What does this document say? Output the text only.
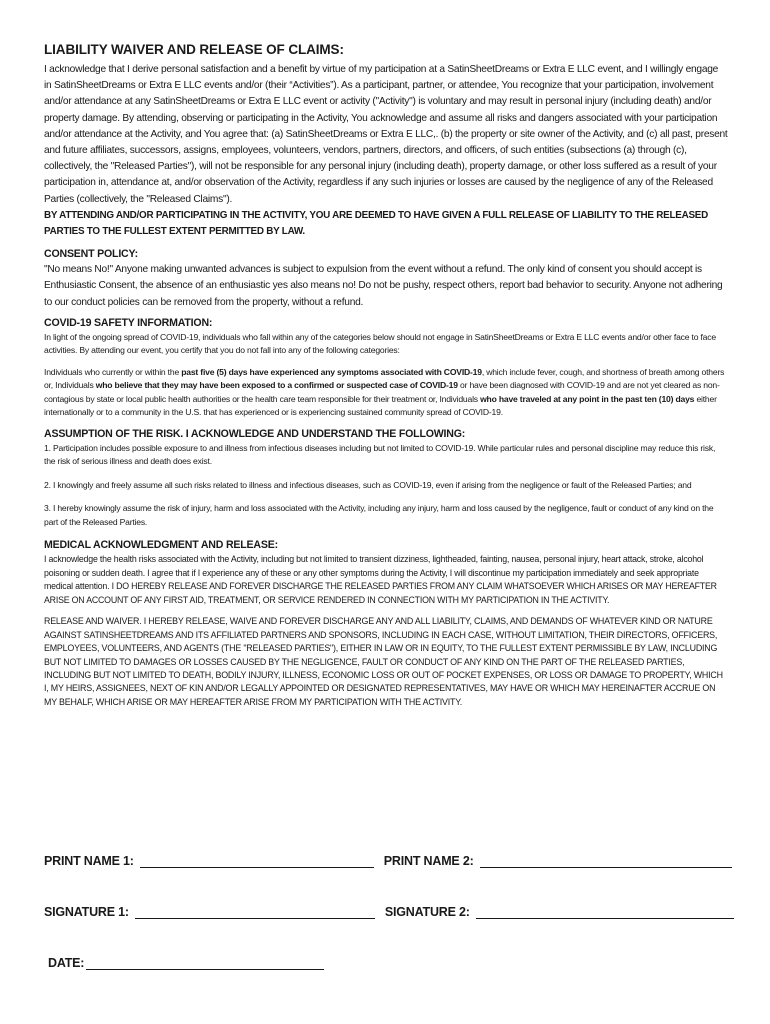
LIABILITY WAIVER AND RELEASE OF CLAIMS:

I acknowledge that I derive personal satisfaction and a benefit by virtue of my participation at a SatinSheetDreams or Extra E LLC event, and I willingly engage in SatinSheetDreams or Extra E LLC events and/or (their “Activities”). As a participant, partner, or attendee, You recognize that your participation, involvement and/or attendance at any SatinSheetDreams or Extra E LLC event or activity ("Activity") is voluntary and may result in personal injury (including death) and/or property damage. By attending, observing or participating in the Activity, You acknowledge and assume all risks and dangers associated with your participation and/or attendance at the Activity, and You agree that: (a) SatinSheetDreams or Extra E LLC,. (b) the property or site owner of the Activity, and (c) all past, present and future affiliates, successors, assigns, employees, volunteers, vendors, partners, directors, and officers, of such entities (subsections (a) through (c), collectively, the "Released Parties"), will not be responsible for any personal injury (including death), property damage, or other loss suffered as a result of your participation in, attendance at, and/or observation of the Activity, regardless if any such injuries or losses are caused by the negligence of any of the Released Parties (collectively, the "Released Claims").

BY ATTENDING AND/OR PARTICIPATING IN THE ACTIVITY, YOU ARE DEEMED TO HAVE GIVEN A FULL RELEASE OF LIABILITY TO THE RELEASED PARTIES TO THE FULLEST EXTENT PERMITTED BY LAW.

CONSENT POLICY:

"No means No!" Anyone making unwanted advances is subject to expulsion from the event without a refund. The only kind of consent you should accept is Enthusiastic Consent, the absence of an enthusiastic yes also means no! Do not be pushy, respect others, report bad behavior to security. Anyone not adhering to our conduct policies can be removed from the property, without a refund.

COVID-19 SAFETY INFORMATION:

In light of the ongoing spread of COVID-19, individuals who fall within any of the categories below should not engage in SatinSheetDreams or Extra E LLC events and/or other face to face activities. By attending our event, you certify that you do not fall into any of the following categories:

Individuals who currently or within the past five (5) days have experienced any symptoms associated with COVID-19, which include fever, cough, and shortness of breath among others or, Individuals who believe that they may have been exposed to a confirmed or suspected case of COVID-19 or have been diagnosed with COVID-19 and are not yet cleared as non-contagious by state or local public health authorities or the health care team responsible for their treatment or, Individuals who have traveled at any point in the past ten (10) days either internationally or to a community in the U.S. that has experienced or is experiencing sustained community spread of COVID-19.

ASSUMPTION OF THE RISK. I ACKNOWLEDGE AND UNDERSTAND THE FOLLOWING:

1. Participation includes possible exposure to and illness from infectious diseases including but not limited to COVID-19. While particular rules and personal discipline may reduce this risk, the risk of serious illness and death does exist.

2. I knowingly and freely assume all such risks related to illness and infectious diseases, such as COVID-19, even if arising from the negligence or fault of the Released Parties; and

3. I hereby knowingly assume the risk of injury, harm and loss associated with the Activity, including any injury, harm and loss caused by the negligence, fault or conduct of any kind on the part of the Released Parties.

MEDICAL ACKNOWLEDGMENT AND RELEASE:

I acknowledge the health risks associated with the Activity, including but not limited to transient dizziness, lightheaded, fainting, nausea, personal injury, heart attack, stroke, alcohol poisoning or sudden death. I agree that if I experience any of these or any other symptoms during the Activity, I will discontinue my participation immediately and seek appropriate medical attention. I DO HEREBY RELEASE AND FOREVER DISCHARGE THE RELEASED PARTIES FROM ANY CLAIM WHATSOEVER WHICH ARISES OR MAY HEREAFTER ARISE ON ACCOUNT OF ANY FIRST AID, TREATMENT, OR SERVICE RENDERED IN CONNECTION WITH MY PARTICIPATION IN THE ACTIVITY.

RELEASE AND WAIVER. I HEREBY RELEASE, WAIVE AND FOREVER DISCHARGE ANY AND ALL LIABILITY, CLAIMS, AND DEMANDS OF WHATEVER KIND OR NATURE AGAINST SATINSHEETDREAMS AND ITS AFFILIATED PARTNERS AND SPONSORS, INCLUDING IN EACH CASE, WITHOUT LIMITATION, THEIR DIRECTORS, OFFICERS, EMPLOYEES, VOLUNTEERS, AND AGENTS (THE "RELEASED PARTIES"), EITHER IN LAW OR IN EQUITY, TO THE FULLEST EXTENT PERMISSIBLE BY LAW, INCLUDING BUT NOT LIMITED TO DAMAGES OR LOSSES CAUSED BY THE NEGLIGENCE, FAULT OR CONDUCT OF ANY KIND ON THE PART OF THE RELEASED PARTIES, INCLUDING BUT NOT LIMITED TO DEATH, BODILY INJURY, ILLNESS, ECONOMIC LOSS OR OUT OF POCKET EXPENSES, OR LOSS OR DAMAGE TO PROPERTY, WHICH I, MY HEIRS, ASSIGNEES, NEXT OF KIN AND/OR LEGALLY APPOINTED OR DESIGNATED REPRESENTATIVES, MAY HAVE OR WHICH MAY HEREINAFTER ACCRUE ON MY BEHALF, WHICH ARISE OR MAY HEREAFTER ARISE FROM MY PARTICIPATION WITH THE ACTIVITY.

PRINT NAME 1:	PRINT NAME 2:
SIGNATURE 1:	SIGNATURE 2:
DATE:
